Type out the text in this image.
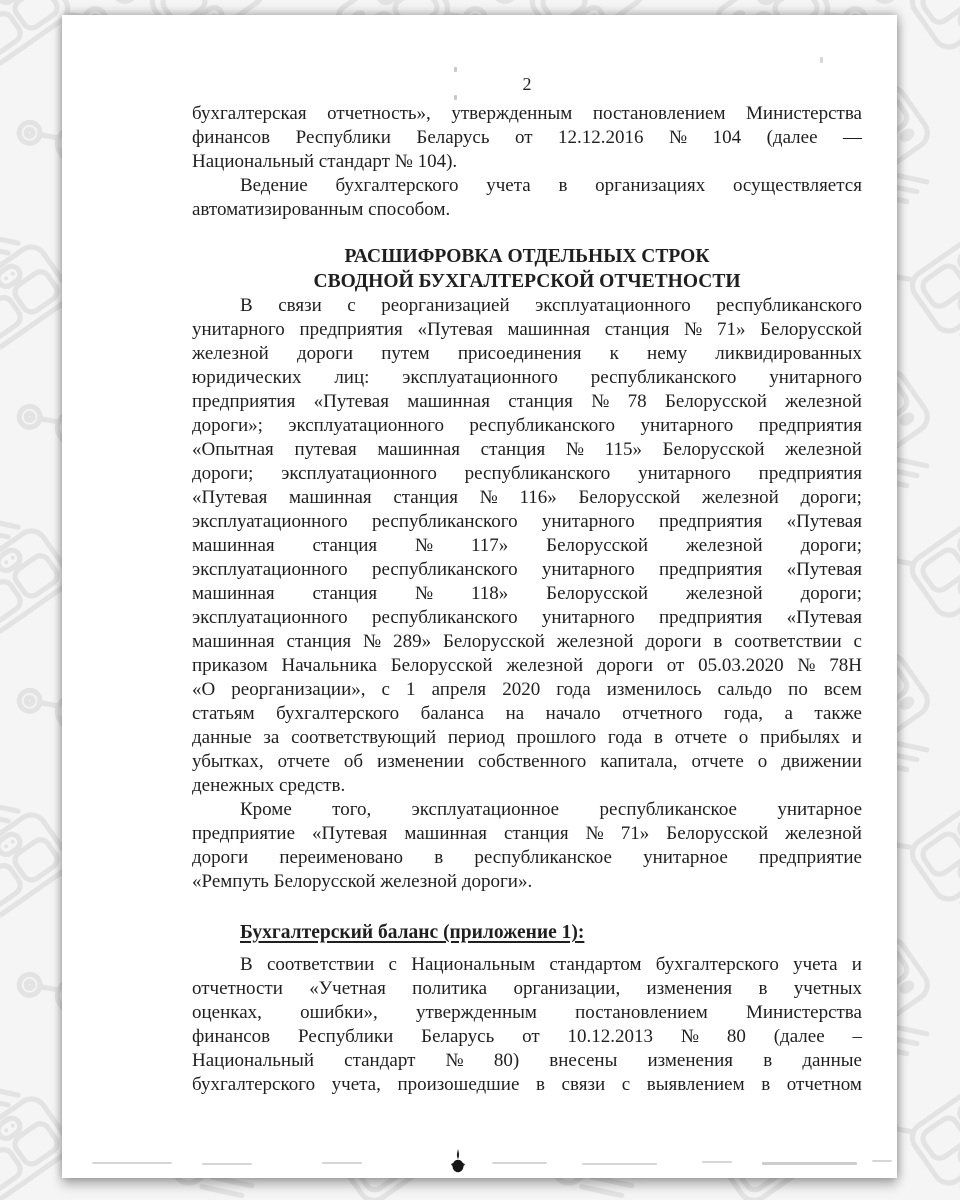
2
бухгалтерская отчетность», утвержденным постановлением Министерства
финансов Республики Беларусь от 12.12.2016 № 104 (далее —
Национальный стандарт № 104).
Ведение бухгалтерского учета в организациях осуществляется
автоматизированным способом.
РАСШИФРОВКА ОТДЕЛЬНЫХ СТРОК
СВОДНОЙ БУХГАЛТЕРСКОЙ ОТЧЕТНОСТИ
В связи с реорганизацией эксплуатационного республиканского
унитарного предприятия «Путевая машинная станция № 71» Белорусской
железной дороги путем присоединения к нему ликвидированных
юридических лиц: эксплуатационного республиканского унитарного
предприятия «Путевая машинная станция № 78 Белорусской железной
дороги»; эксплуатационного республиканского унитарного предприятия
«Опытная путевая машинная станция № 115» Белорусской железной
дороги; эксплуатационного республиканского унитарного предприятия
«Путевая машинная станция № 116» Белорусской железной дороги;
эксплуатационного республиканского унитарного предприятия «Путевая
машинная станция № 117» Белорусской железной дороги;
эксплуатационного республиканского унитарного предприятия «Путевая
машинная станция № 118» Белорусской железной дороги;
эксплуатационного республиканского унитарного предприятия «Путевая
машинная станция № 289» Белорусской железной дороги в соответствии с
приказом Начальника Белорусской железной дороги от 05.03.2020 № 78Н
«О реорганизации», с 1 апреля 2020 года изменилось сальдо по всем
статьям бухгалтерского баланса на начало отчетного года, а также
данные за соответствующий период прошлого года в отчете о прибылях и
убытках, отчете об изменении собственного капитала, отчете о движении
денежных средств.
Кроме того, эксплуатационное республиканское унитарное
предприятие «Путевая машинная станция № 71» Белорусской железной
дороги переименовано в республиканское унитарное предприятие
«Ремпуть Белорусской железной дороги».
Бухгалтерский баланс (приложение 1):
В соответствии с Национальным стандартом бухгалтерского учета и
отчетности «Учетная политика организации, изменения в учетных
оценках, ошибки», утвержденным постановлением Министерства
финансов Республики Беларусь от 10.12.2013 № 80 (далее –
Национальный стандарт № 80) внесены изменения в данные
бухгалтерского учета, произошедшие в связи с выявлением в отчетном
